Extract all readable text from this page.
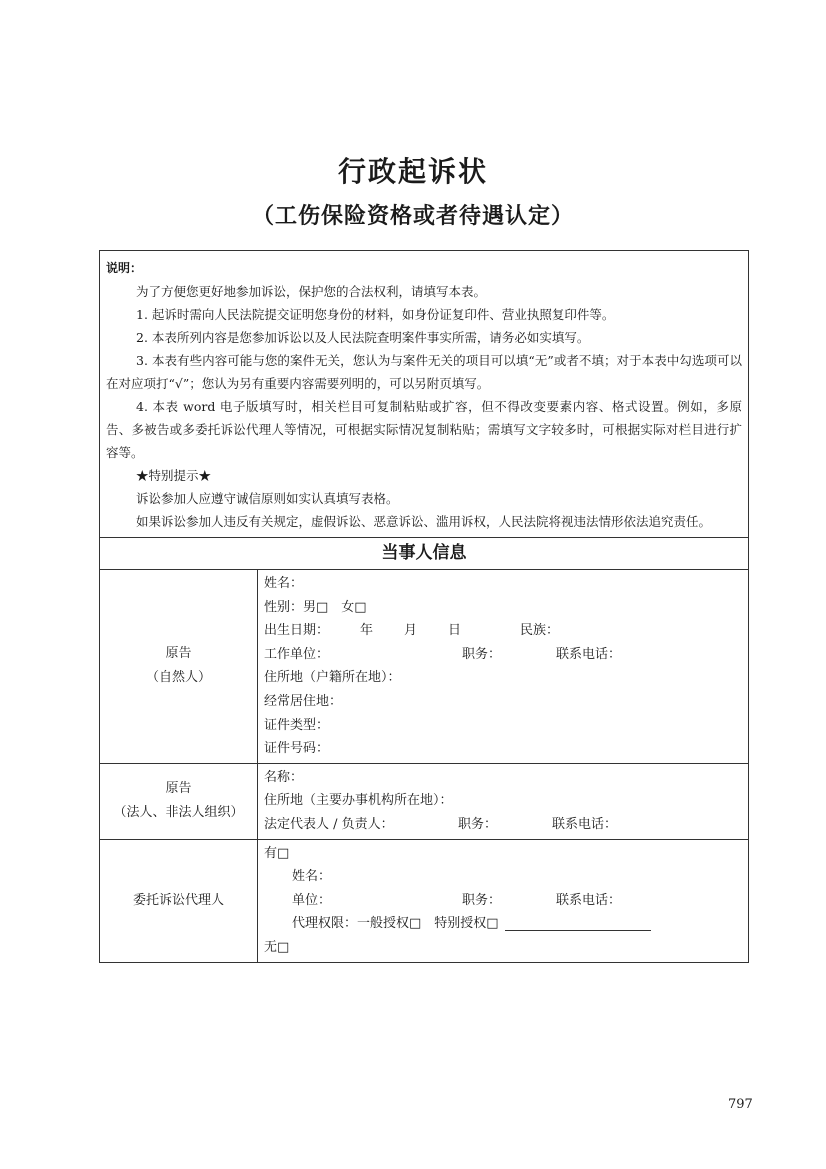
行政起诉状
（工伤保险资格或者待遇认定）
说明：

为了方便您更好地参加诉讼，保护您的合法权利，请填写本表。

1. 起诉时需向人民法院提交证明您身份的材料，如身份证复印件、营业执照复印件等。

2. 本表所列内容是您参加诉讼以及人民法院查明案件事实所需，请务必如实填写。

3. 本表有些内容可能与您的案件无关，您认为与案件无关的项目可以填“无”或者不填；对于本表中勾选项可以在对应项打“√”；您认为另有重要内容需要列明的，可以另附页填写。

4. 本表 word 电子版填写时，相关栏目可复制粘贴或扩容，但不得改变要素内容、格式设置。例如，多原告、多被告或多委托诉讼代理人等情况，可根据实际情况复制粘贴；需填写文字较多时，可根据实际对栏目进行扩容等。

★特别提示★

诉讼参加人应遵守诚信原则如实认真填写表格。

如果诉讼参加人违反有关规定，虚假诉讼、恶意诉讼、滥用诉权，人民法院将视违法情形依法追究责任。

当事人信息
原告
（自然人）
姓名：
性别：男□　女□
出生日期： 年 月 日	民族：
工作单位：	职务：	联系电话：
住所地（户籍所在地）：
经常居住地：
证件类型：
证件号码：
原告
（法人、非法人组织）
名称：
住所地（主要办事机构所在地）：
法定代表人 / 负责人：	职务：	联系电话：
委托诉讼代理人
有□
姓名：
单位：	职务：	联系电话：
代理权限：一般授权□　特别授权□
无□

797
